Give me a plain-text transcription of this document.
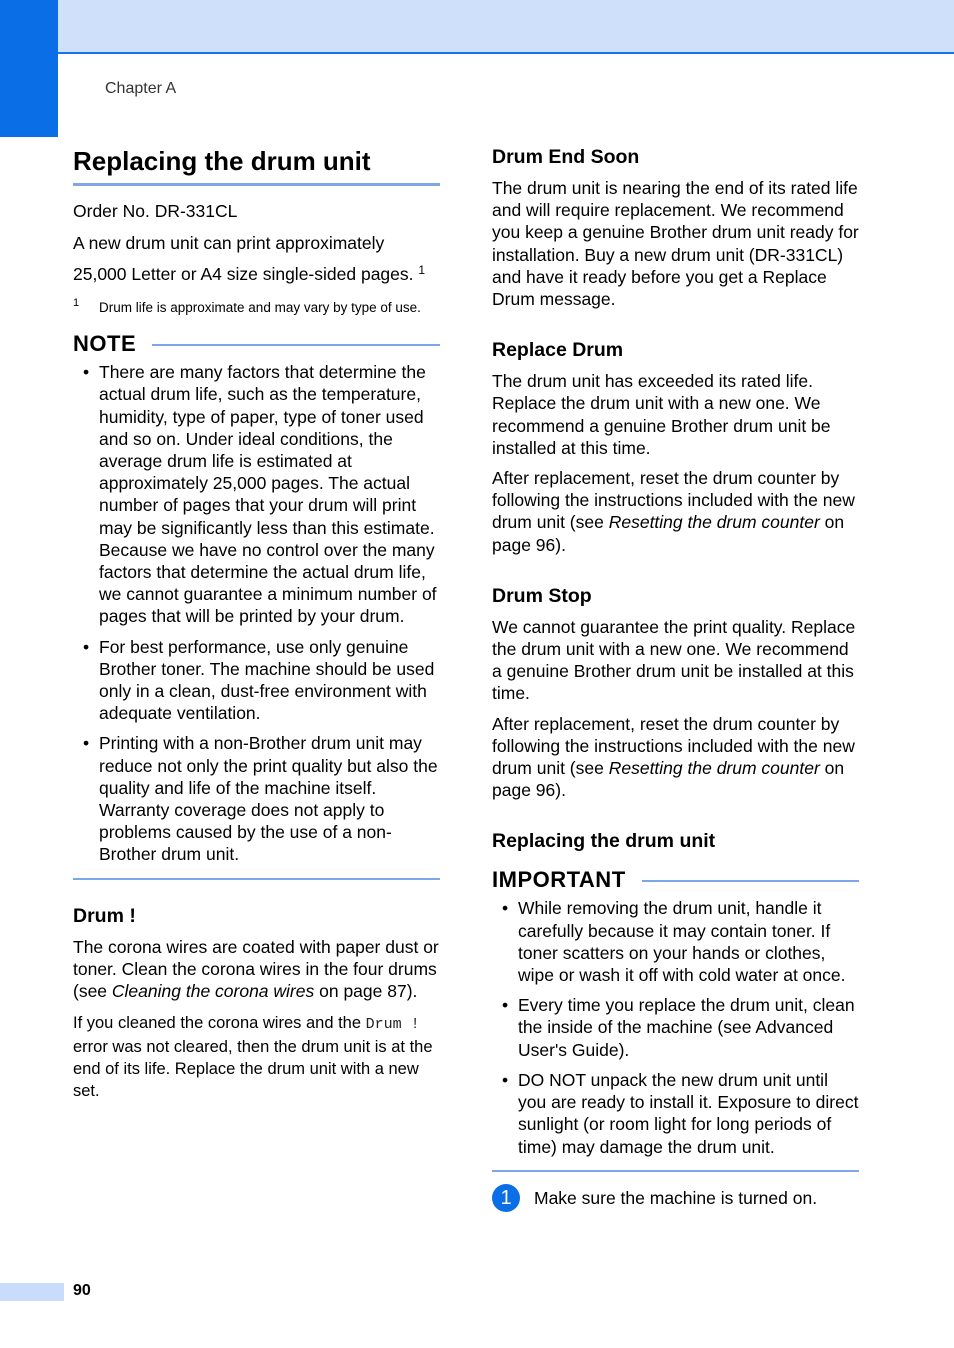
Chapter A
Replacing the drum unit

Order No. DR-331CL

A new drum unit can print approximately 25,000 Letter or A4 size single-sided pages. $^1$

1 Drum life is approximate and may vary by type of use.
NOTE
• There are many factors that determine the actual drum life, such as the temperature, humidity, type of paper, type of toner used and so on. Under ideal conditions, the average drum life is estimated at approximately 25,000 pages. The actual number of pages that your drum will print may be significantly less than this estimate. Because we have no control over the many factors that determine the actual drum life, we cannot guarantee a minimum number of pages that will be printed by your drum.
• For best performance, use only genuine Brother toner. The machine should be used only in a clean, dust-free environment with adequate ventilation.
• Printing with a non-Brother drum unit may reduce not only the print quality but also the quality and life of the machine itself. Warranty coverage does not apply to problems caused by the use of a non-Brother drum unit.
Drum !

The corona wires are coated with paper dust or toner. Clean the corona wires in the four drums (see Cleaning the corona wires on page 87).

If you cleaned the corona wires and the Drum ! error was not cleared, then the drum unit is at the end of its life. Replace the drum unit with a new set.

Drum End Soon

The drum unit is nearing the end of its rated life and will require replacement. We recommend you keep a genuine Brother drum unit ready for installation. Buy a new drum unit (DR-331CL) and have it ready before you get a Replace Drum message.

Replace Drum

The drum unit has exceeded its rated life. Replace the drum unit with a new one. We recommend a genuine Brother drum unit be installed at this time.

After replacement, reset the drum counter by following the instructions included with the new drum unit (see Resetting the drum counter on page 96).

Drum Stop

We cannot guarantee the print quality. Replace the drum unit with a new one. We recommend a genuine Brother drum unit be installed at this time.

After replacement, reset the drum counter by following the instructions included with the new drum unit (see Resetting the drum counter on page 96).

Replacing the drum unit
IMPORTANT
• While removing the drum unit, handle it carefully because it may contain toner. If toner scatters on your hands or clothes, wipe or wash it off with cold water at once.
• Every time you replace the drum unit, clean the inside of the machine (see Advanced User's Guide).
• DO NOT unpack the new drum unit until you are ready to install it. Exposure to direct sunlight (or room light for long periods of time) may damage the drum unit.
1	Make sure the machine is turned on.

90
